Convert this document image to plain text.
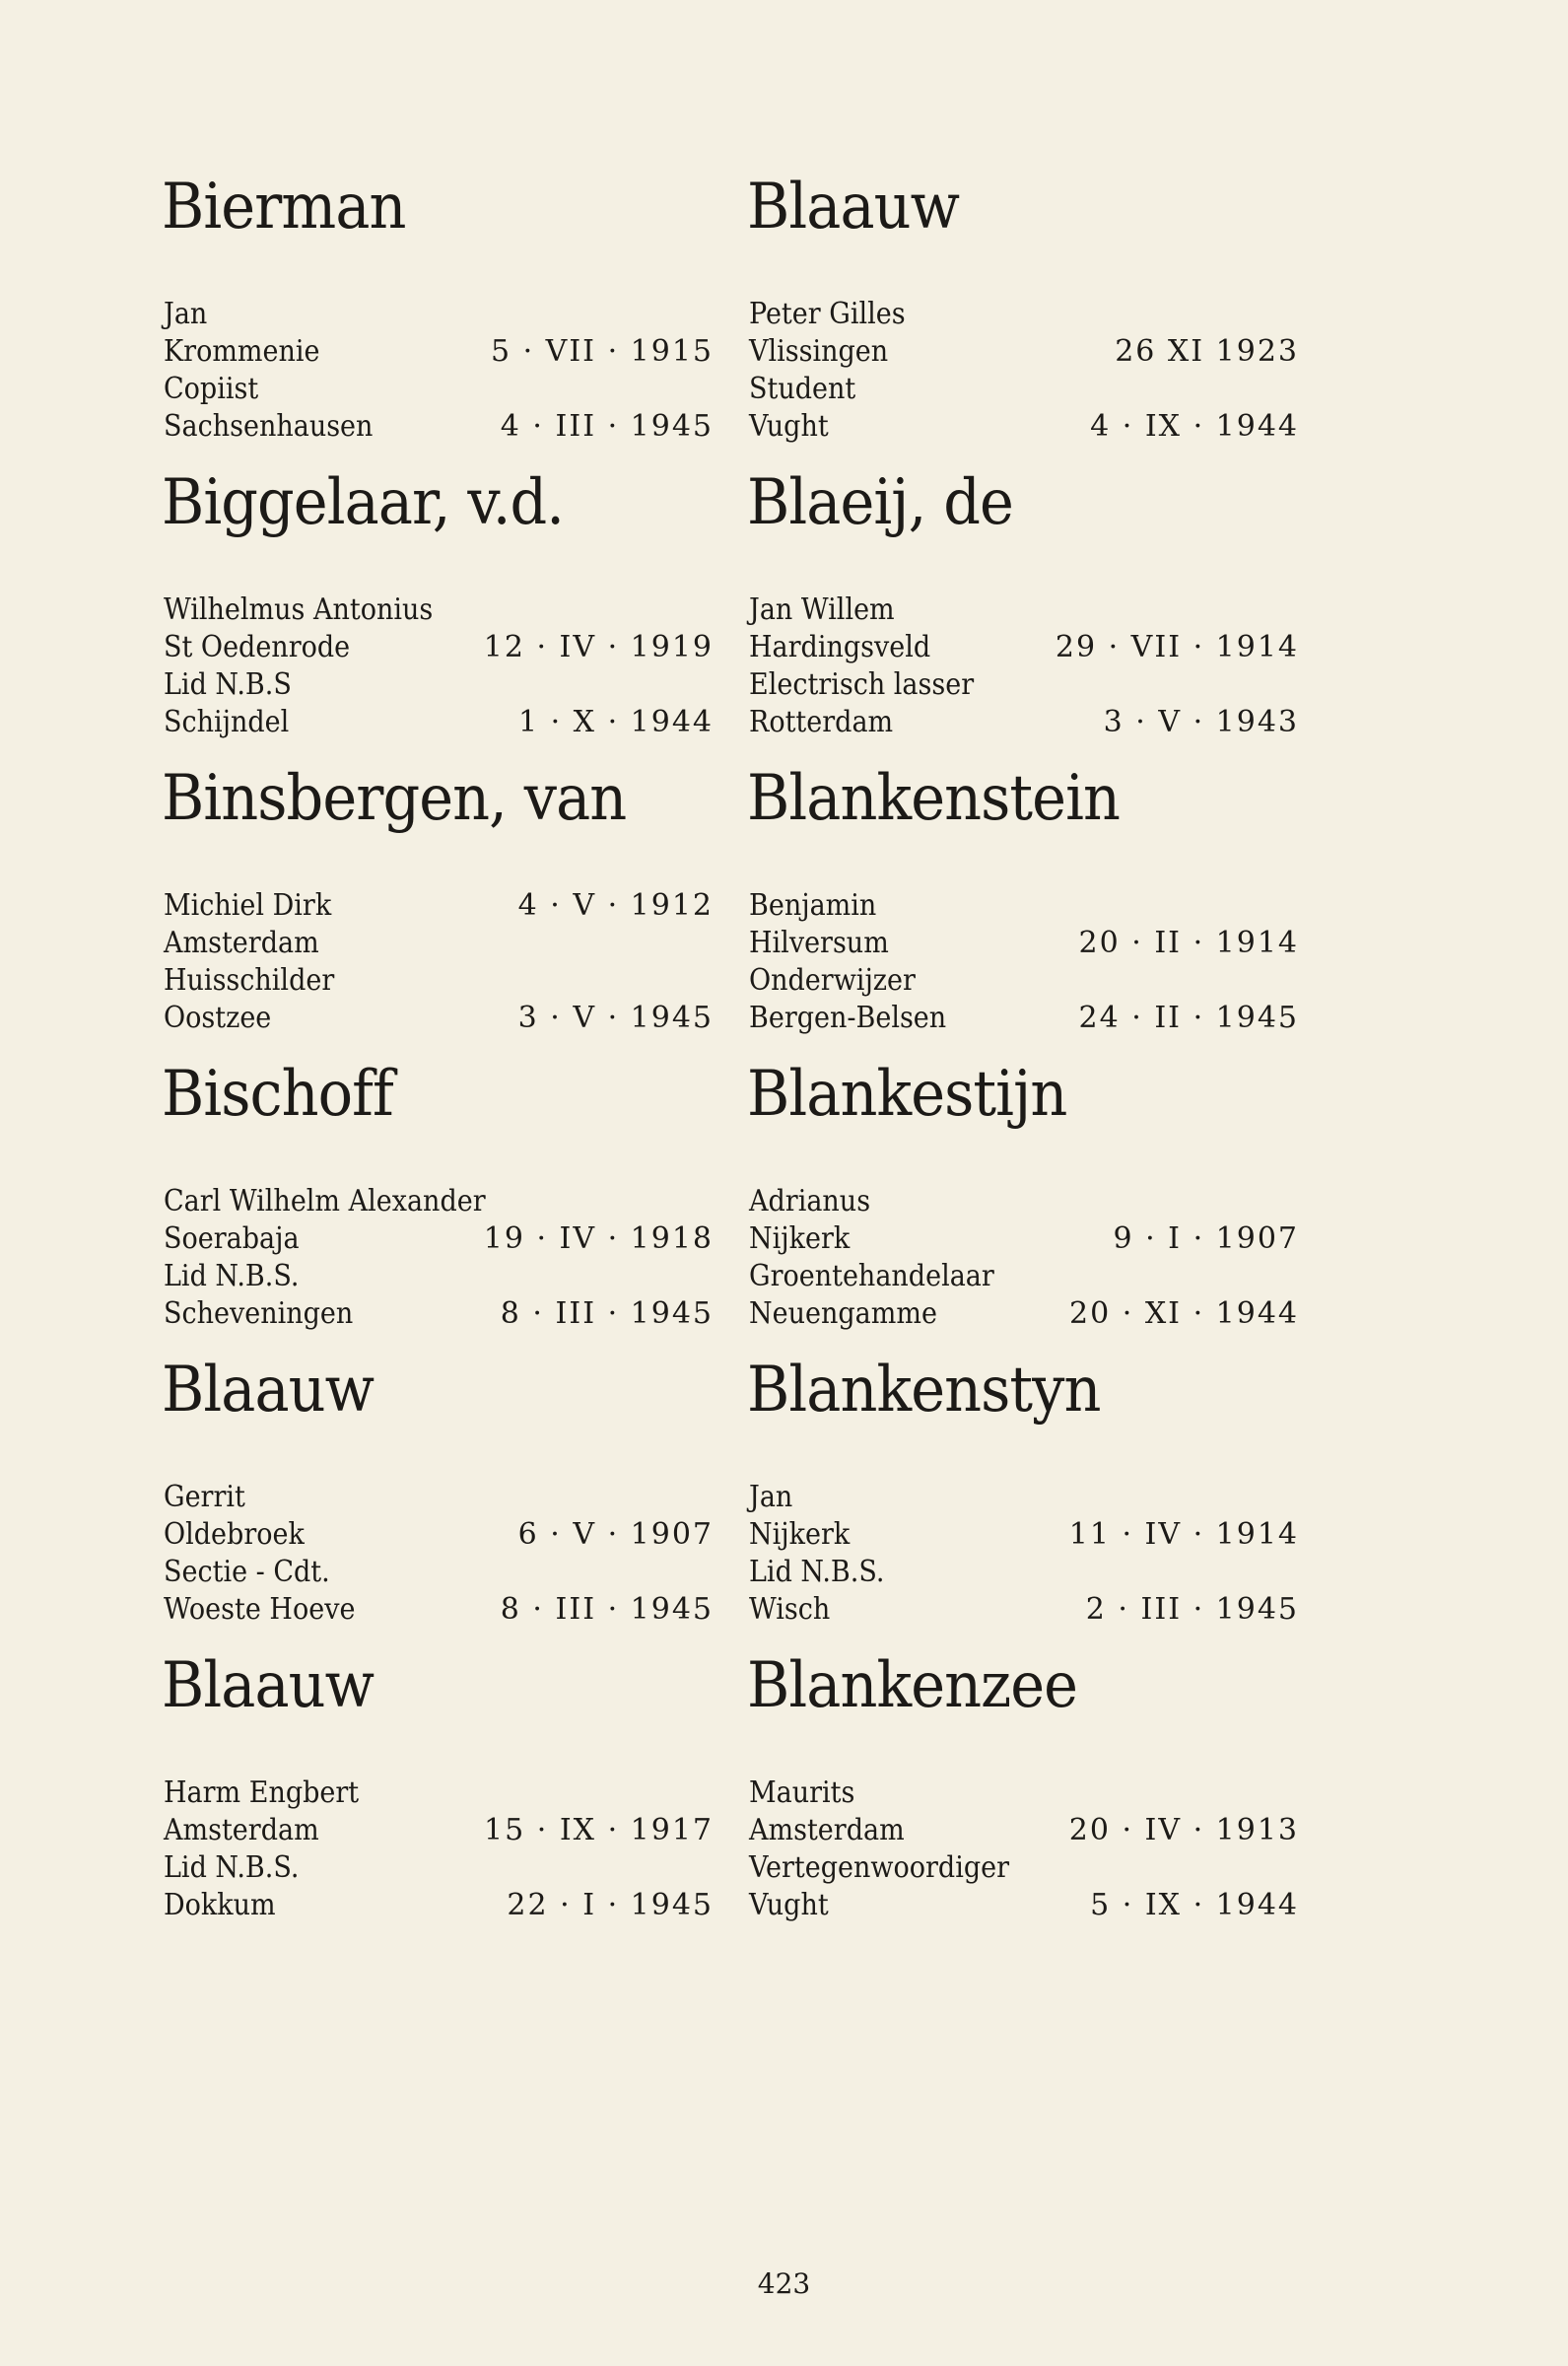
Bierman
Jan
Krommenie	5 · VII · 1915
Copiist
Sachsenhausen	4 · III · 1945
Biggelaar, v.d.
Wilhelmus Antonius
St Oedenrode	12 · IV · 1919
Lid N.B.S
Schijndel	1 · X · 1944
Binsbergen, van
Michiel Dirk	4 · V · 1912
Amsterdam
Huisschilder
Oostzee	3 · V · 1945
Bischoff
Carl Wilhelm Alexander
Soerabaja	19 · IV · 1918
Lid N.B.S.
Scheveningen	8 · III · 1945
Blaauw
Gerrit
Oldebroek	6 · V · 1907
Sectie - Cdt.
Woeste Hoeve	8 · III · 1945
Blaauw
Harm Engbert
Amsterdam	15 · IX · 1917
Lid N.B.S.
Dokkum	22 · I · 1945
Blaauw
Peter Gilles
Vlissingen	26 XI 1923
Student
Vught	4 · IX · 1944
Blaeij, de
Jan Willem
Hardingsveld	29 · VII · 1914
Electrisch lasser
Rotterdam	3 · V · 1943
Blankenstein
Benjamin
Hilversum	20 · II · 1914
Onderwijzer
Bergen-Belsen	24 · II · 1945
Blankestijn
Adrianus
Nijkerk	9 · I · 1907
Groentehandelaar
Neuengamme	20 · XI · 1944
Blankenstyn
Jan
Nijkerk	11 · IV · 1914
Lid N.B.S.
Wisch	2 · III · 1945
Blankenzee
Maurits
Amsterdam	20 · IV · 1913
Vertegenwoordiger
Vught	5 · IX · 1944
423
